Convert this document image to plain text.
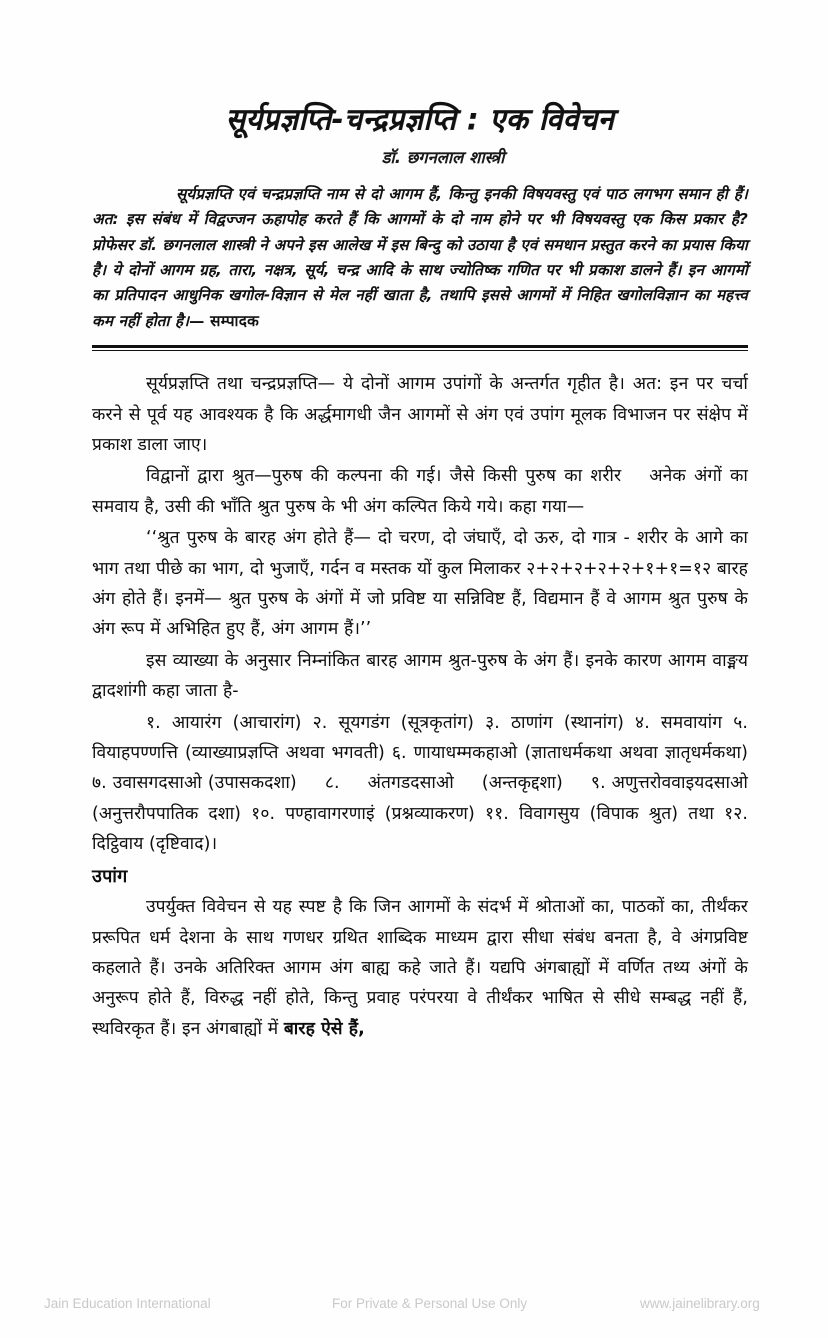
सूर्यप्रज्ञप्ति-चन्द्रप्रज्ञप्ति : एक विवेचन
डॉ. छगनलाल शास्त्री
सूर्यप्रज्ञप्ति एवं चन्द्रप्रज्ञप्ति नाम से दो आगम हैं, किन्तु इनकी विषयवस्तु एवं पाठ लगभग समान ही हैं। अत: इस संबंध में विद्वज्जन ऊहापोह करते हैं कि आगमों के दो नाम होने पर भी विषयवस्तु एक किस प्रकार है? प्रोफेसर डॉ. छगनलाल शास्त्री ने अपने इस आलेख में इस बिन्दु को उठाया है एवं समधान प्रस्तुत करने का प्रयास किया है। ये दोनों आगम ग्रह, तारा, नक्षत्र, सूर्य, चन्द्र आदि के साथ ज्योतिष्क गणित पर भी प्रकाश डालने हैं। इन आगमों का प्रतिपादन आधुनिक खगोल-विज्ञान से मेल नहीं खाता है, तथापि इससे आगमों में निहित खगोलविज्ञान का महत्त्व कम नहीं होता है।— सम्पादक

सूर्यप्रज्ञप्ति तथा चन्द्रप्रज्ञप्ति— ये दोनों आगम उपांगों के अन्तर्गत गृहीत है। अत: इन पर चर्चा करने से पूर्व यह आवश्यक है कि अर्द्धमागधी जैन आगमों से अंग एवं उपांग मूलक विभाजन पर संक्षेप में प्रकाश डाला जाए।

विद्वानों द्वारा श्रुत—पुरुष की कल्पना की गई। जैसे किसी पुरुष का शरीर अनेक अंगों का समवाय है, उसी की भाँति श्रुत पुरुष के भी अंग कल्पित किये गये। कहा गया—

‘‘श्रुत पुरुष के बारह अंग होते हैं— दो चरण, दो जंघाएँ, दो ऊरु, दो गात्र - शरीर के आगे का भाग तथा पीछे का भाग, दो भुजाएँ, गर्दन व मस्तक यों कुल मिलाकर २+२+२+२+२+१+१=१२ बारह अंग होते हैं। इनमें— श्रुत पुरुष के अंगों में जो प्रविष्ट या सन्निविष्ट हैं, विद्यमान हैं वे आगम श्रुत पुरुष के अंग रूप में अभिहित हुए हैं, अंग आगम हैं।’’

इस व्याख्या के अनुसार निम्नांकित बारह आगम श्रुत-पुरुष के अंग हैं। इनके कारण आगम वाङ्मय द्वादशांगी कहा जाता है-

१. आयारंग (आचारांग) २. सूयगडंग (सूत्रकृतांग) ३. ठाणांग (स्थानांग) ४. समवायांग ५. वियाहपण्णत्ति (व्याख्याप्रज्ञप्ति अथवा भगवती) ६. णायाधम्मकहाओ (ज्ञाताधर्मकथा अथवा ज्ञातृधर्मकथा) ७. उवासगदसाओ (उपासकदशा) ८. अंतगडदसाओ (अन्तकृद्दशा) ९. अणुत्तरोववाइयदसाओ (अनुत्तरौपपातिक दशा) १०. पण्हावागरणाइं (प्रश्नव्याकरण) ११. विवागसुय (विपाक श्रुत) तथा १२. दिट्ठिवाय (दृष्टिवाद)।

उपांग

उपर्युक्त विवेचन से यह स्पष्ट है कि जिन आगमों के संदर्भ में श्रोताओं का, पाठकों का, तीर्थंकर प्ररूपित धर्म देशना के साथ गणधर ग्रथित शाब्दिक माध्यम द्वारा सीधा संबंध बनता है, वे अंगप्रविष्ट कहलाते हैं। उनके अतिरिक्त आगम अंग बाह्य कहे जाते हैं। यद्यपि अंगबाह्यों में वर्णित तथ्य अंगों के अनुरूप होते हैं, विरुद्ध नहीं होते, किन्तु प्रवाह परंपरया वे तीर्थंकर भाषित से सीधे सम्बद्ध नहीं हैं, स्थविरकृत हैं। इन अंगबाह्यों में बारह ऐसे हैं,

Jain Education International	For Private & Personal Use Only	www.jainelibrary.org
